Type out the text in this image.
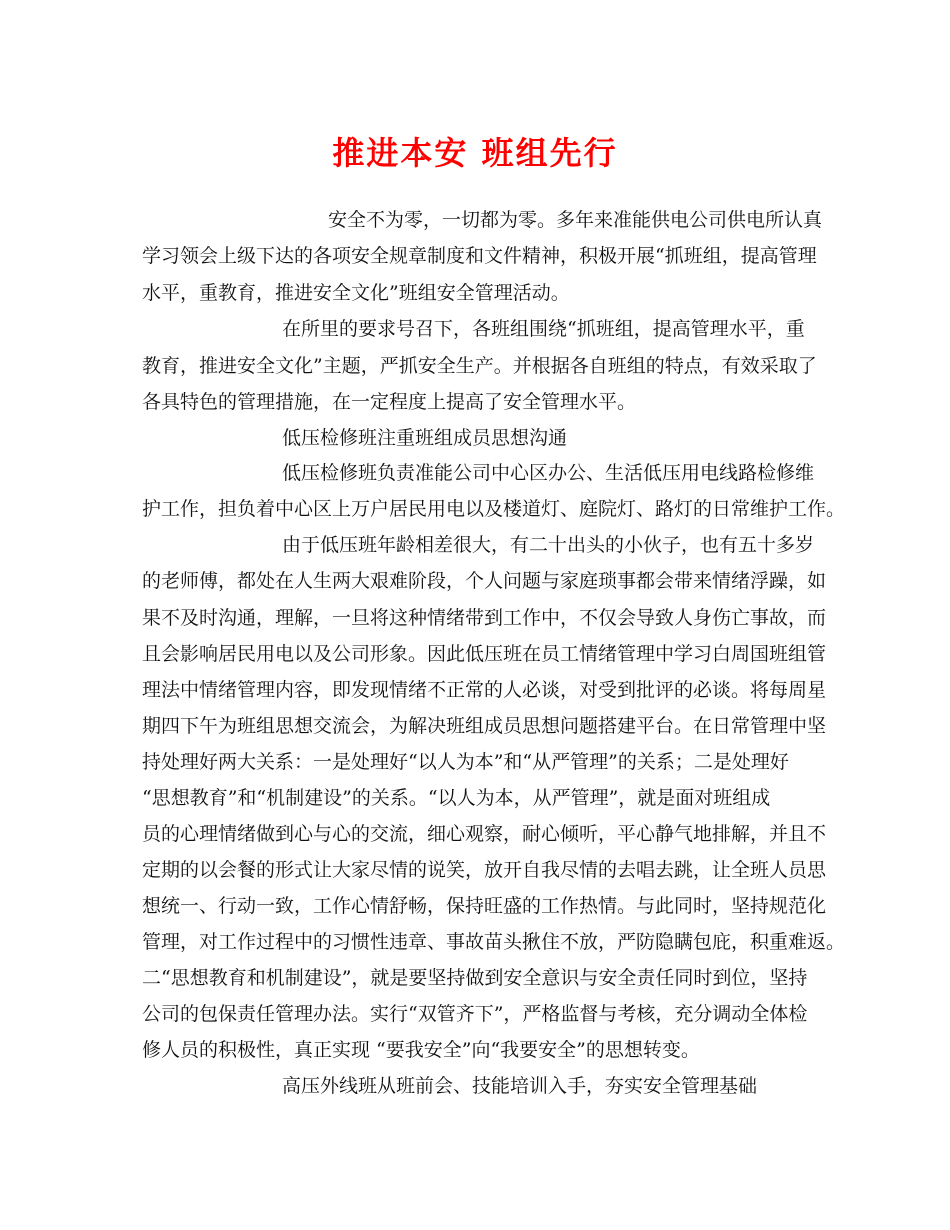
推进本安 班组先行
安全不为零，一切都为零。多年来准能供电公司供电所认真
学习领会上级下达的各项安全规章制度和文件精神，积极开展“抓班组，提高管理
水平，重教育，推进安全文化”班组安全管理活动。
在所里的要求号召下，各班组围绕“抓班组，提高管理水平，重
教育，推进安全文化”主题，严抓安全生产。并根据各自班组的特点，有效采取了
各具特色的管理措施，在一定程度上提高了安全管理水平。
低压检修班注重班组成员思想沟通
低压检修班负责准能公司中心区办公、生活低压用电线路检修维
护工作，担负着中心区上万户居民用电以及楼道灯、庭院灯、路灯的日常维护工作。
由于低压班年龄相差很大，有二十出头的小伙子，也有五十多岁
的老师傅，都处在人生两大艰难阶段，个人问题与家庭琐事都会带来情绪浮躁，如
果不及时沟通，理解，一旦将这种情绪带到工作中，不仅会导致人身伤亡事故，而
且会影响居民用电以及公司形象。因此低压班在员工情绪管理中学习白周国班组管
理法中情绪管理内容，即发现情绪不正常的人必谈，对受到批评的必谈。将每周星
期四下午为班组思想交流会，为解决班组成员思想问题搭建平台。在日常管理中坚
持处理好两大关系：一是处理好“以人为本”和“从严管理”的关系；二是处理好
“思想教育”和“机制建设”的关系。“以人为本，从严管理”，就是面对班组成
员的心理情绪做到心与心的交流，细心观察，耐心倾听，平心静气地排解，并且不
定期的以会餐的形式让大家尽情的说笑，放开自我尽情的去唱去跳，让全班人员思
想统一、行动一致，工作心情舒畅，保持旺盛的工作热情。与此同时，坚持规范化
管理，对工作过程中的习惯性违章、事故苗头揪住不放，严防隐瞒包庇，积重难返。
二“思想教育和机制建设”，就是要坚持做到安全意识与安全责任同时到位，坚持
公司的包保责任管理办法。实行“双管齐下”，严格监督与考核，充分调动全体检
修人员的积极性，真正实现 “要我安全”向“我要安全”的思想转变。
高压外线班从班前会、技能培训入手，夯实安全管理基础
